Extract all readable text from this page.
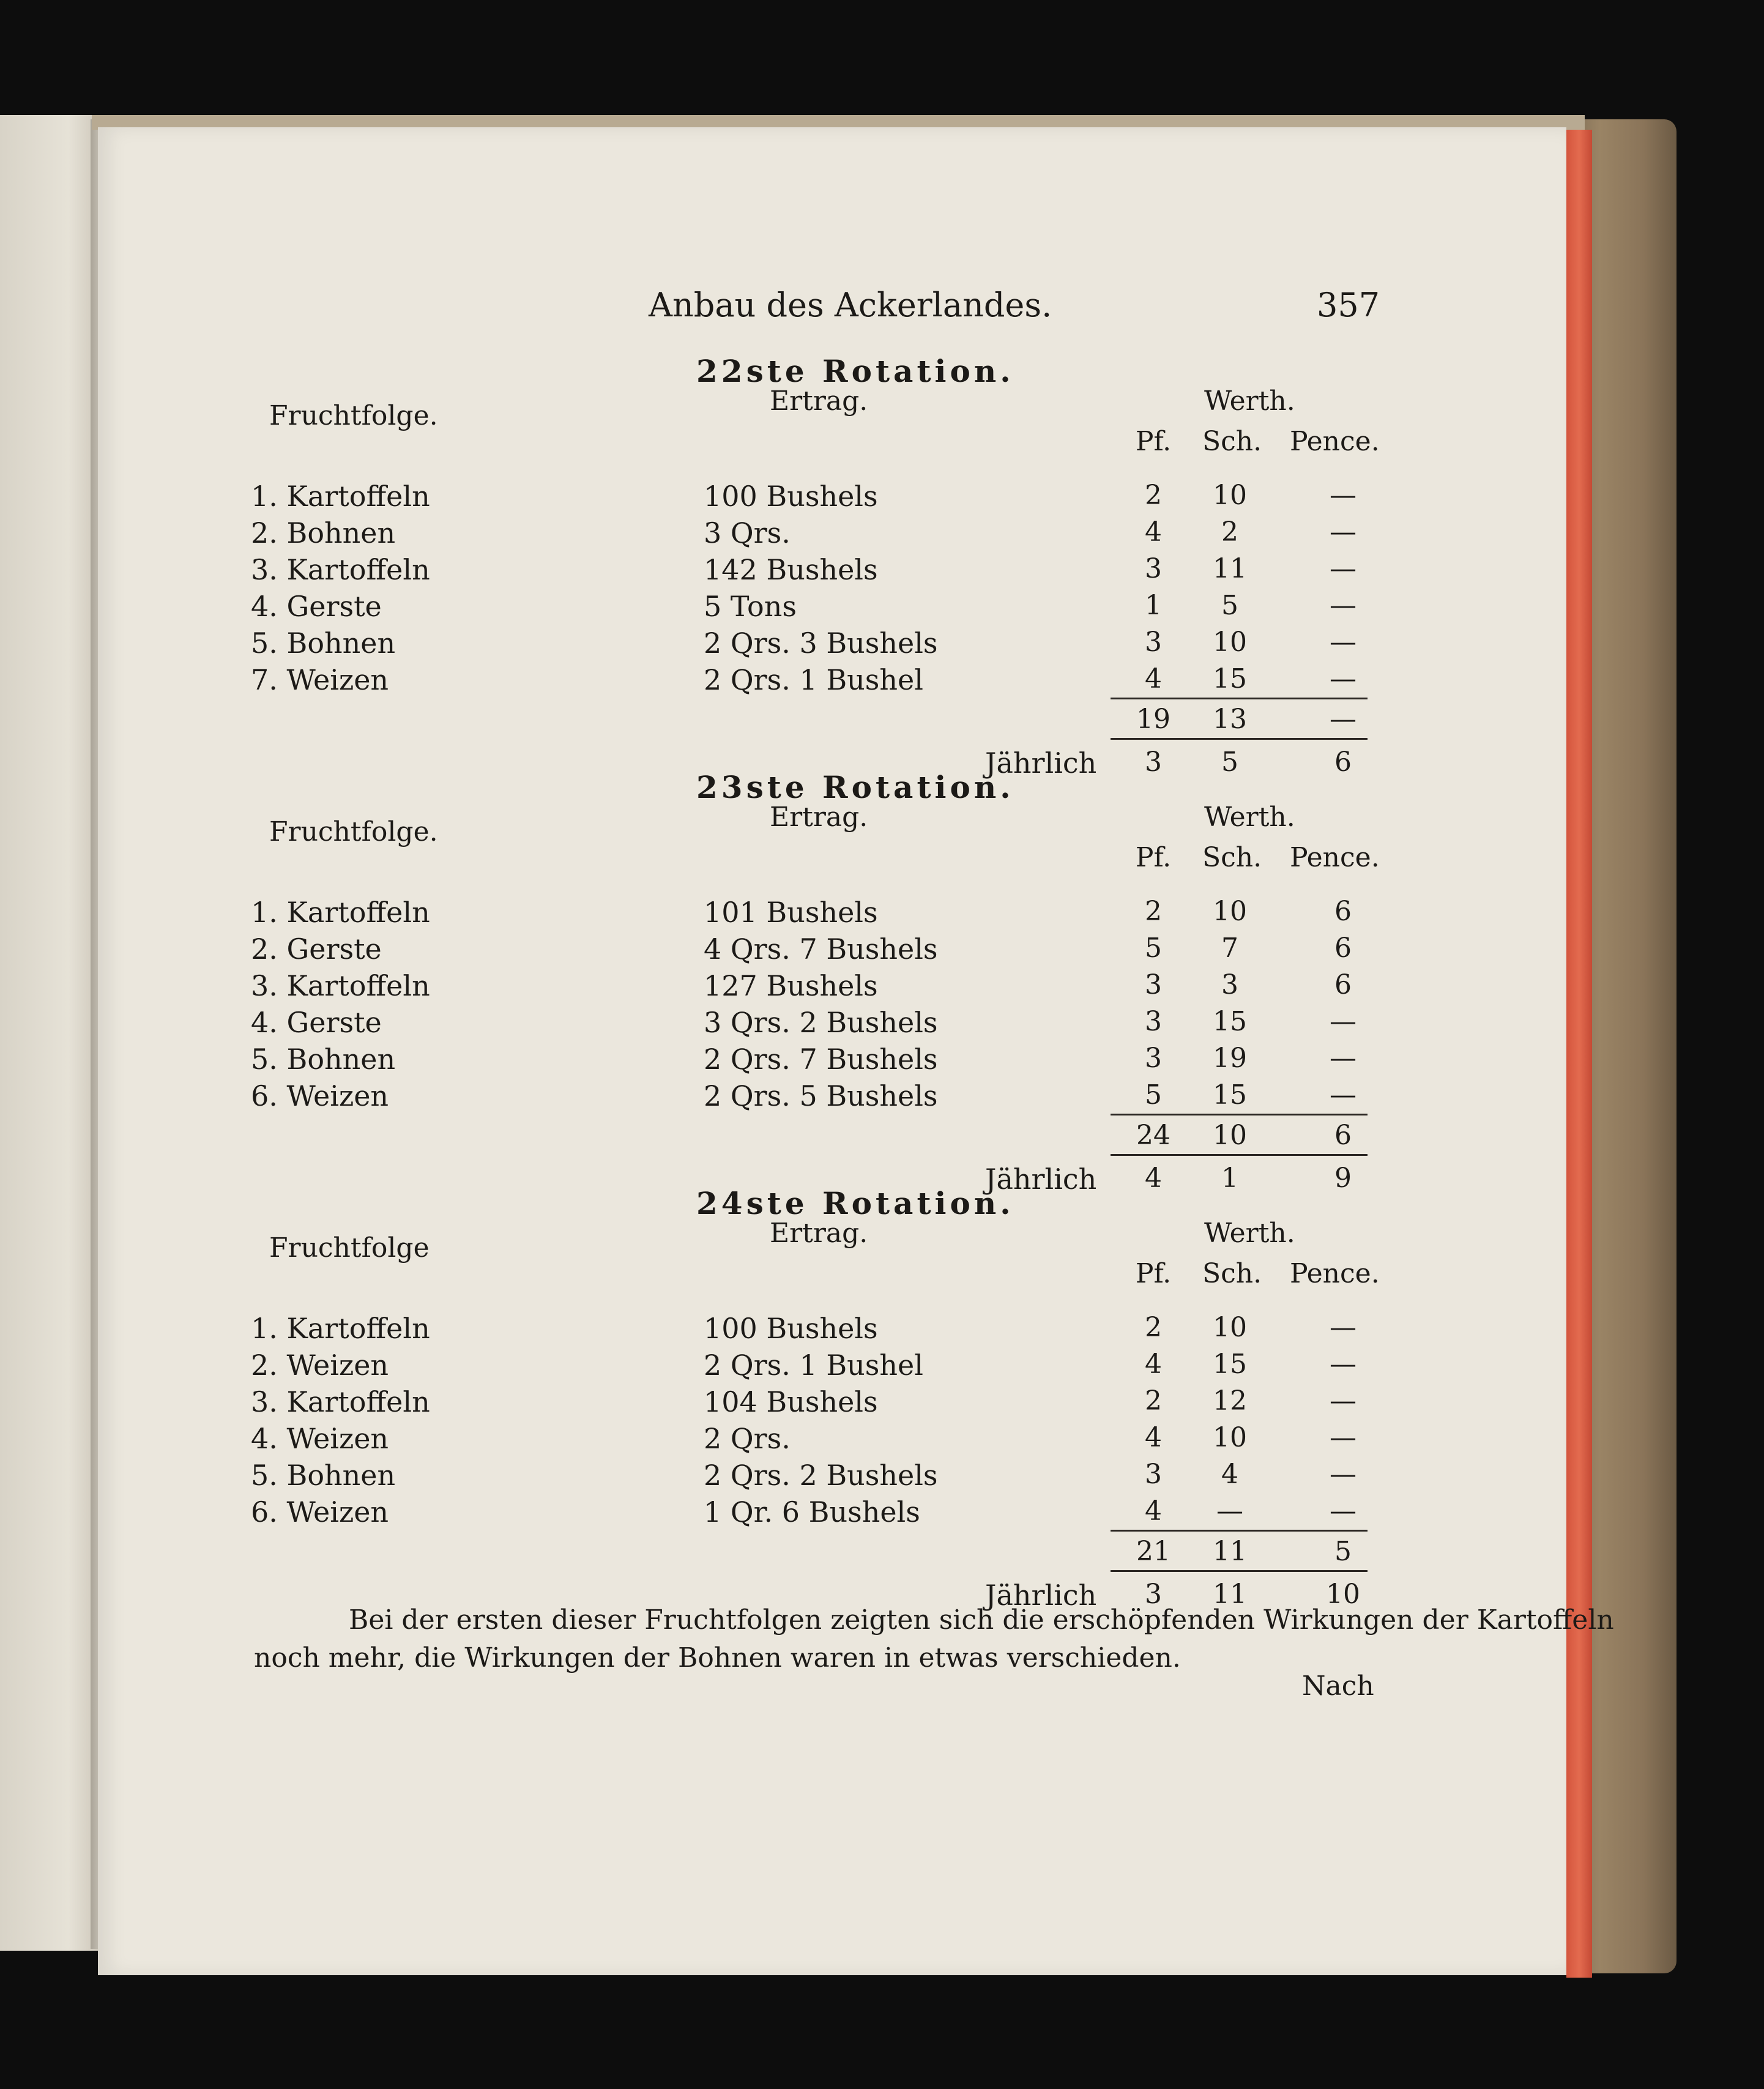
Anbau des Ackerlandes.	357
22ste Rotation.
Ertrag.
Fruchtfolge.	Werth.
Pf.	Sch. Pence.
1. Kartoffeln	100 Bushels	2	10	—
2. Bohnen	3 Qrs.	4	2	—
3. Kartoffeln	142 Bushels	3	11	—
4. Gerste	5 Tons	1	5	—
5. Bohnen	2 Qrs. 3 Bushels	3	10	—
7. Weizen	2 Qrs. 1 Bushel	4	15	—
19	13	—
Jährlich	3	5	6
23ste Rotation.
Ertrag.
Fruchtfolge.	Werth.
Pf.	Sch. Pence.
1. Kartoffeln	101 Bushels	2	10	6
2. Gerste	4 Qrs. 7 Bushels	5	7	6
3. Kartoffeln	127 Bushels	3	3	6
4. Gerste	3 Qrs. 2 Bushels	3	15	—
5. Bohnen	2 Qrs. 7 Bushels	3	19	—
6. Weizen	2 Qrs. 5 Bushels	5	15	—
24	10	6
Jährlich	4	1	9
24ste Rotation.
Ertrag.
Fruchtfolge	Werth.
Pf.	Sch. Pence.
1. Kartoffeln	100 Bushels	2	10	—
2. Weizen	2 Qrs. 1 Bushel	4	15	—
3. Kartoffeln	104 Bushels	2	12	—
4. Weizen	2 Qrs.	4	10	—
5. Bohnen	2 Qrs. 2 Bushels	3	4	—
6. Weizen	1 Qr. 6 Bushels	4	—	—
21	11	5
Jährlich	3	11	10
Bei der ersten dieser Fruchtfolgen zeigten sich die erschöpfenden Wirkungen der Kartoffeln
noch mehr, die Wirkungen der Bohnen waren in etwas verschieden.
Nach
